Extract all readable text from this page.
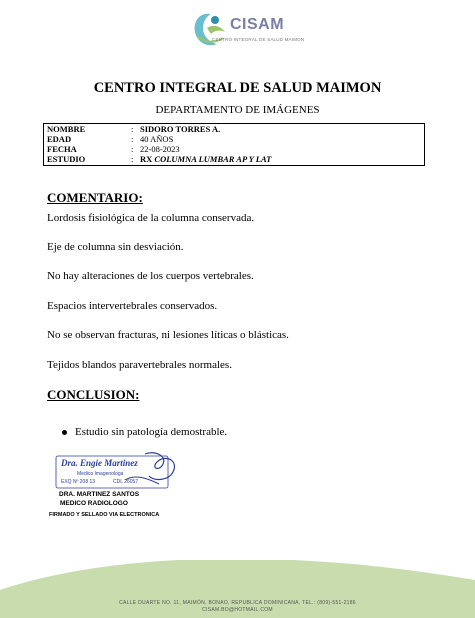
CISAM
CENTRO INTEGRAL DE SALUD MAIMON
CENTRO INTEGRAL DE SALUD MAIMON
DEPARTAMENTO DE IMÁGENES
NOMBRE	: SIDORO TORRES A.
EDAD	: 40 AÑOS
FECHA	: 22-08-2023
ESTUDIO	: RX COLUMNA LUMBAR AP Y LAT
COMENTARIO:
Lordosis fisiológica de la columna conservada.
Eje de columna sin desviación.
No hay alteraciones de los cuerpos vertebrales.
Espacios intervertebrales conservados.
No se observan fracturas, ni lesiones líticas o blásticas.
Tejidos blandos paravertebrales normales.
CONCLUSION:
Estudio sin patología demostrable.
Dra. Engie Martinez
Medico Imagenologa
EXQ Nº 208 13	CDL 26057
DRA. MARTINEZ SANTOS
MEDICO RADIOLOGO
FIRMADO Y SELLADO VIA ELECTRONICA
CALLE DUARTE NO. 11, MAIMÓN, BONAO, REPUBLICA DOMINICANA, TEL.: (809)-551-2186
CISAM.BO@HOTMAIL.COM
